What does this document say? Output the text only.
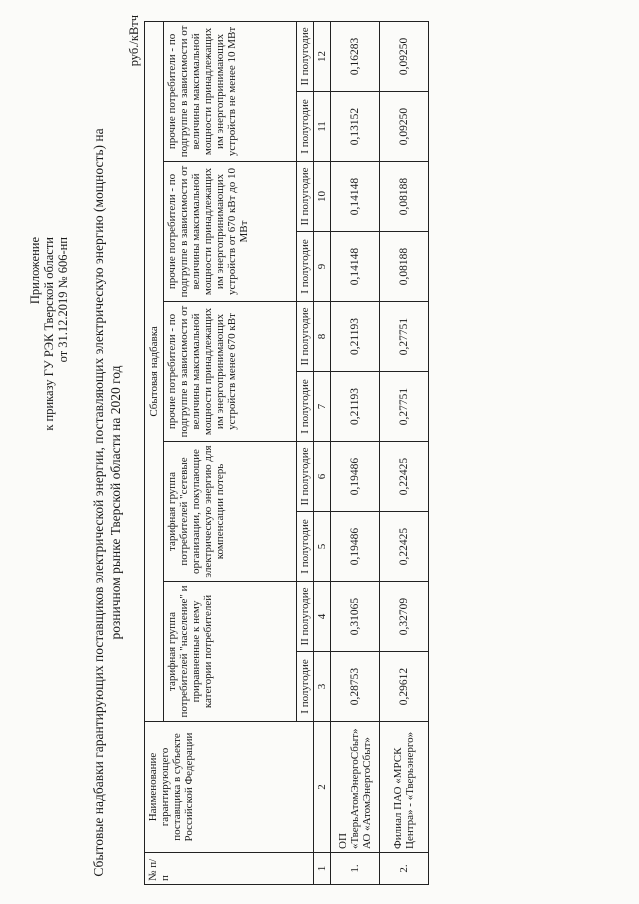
Приложение к приказу ГУ РЭК Тверской области от 31.12.2019 № 606-нп Сбытовые надбавки гарантирующих поставщиков электрической энергии, поставляющих электрическую энергию (мощность) на розничном рынке Тверской области на 2020 год
руб./кВтч
№ п/п	Наименование гарантирующего поставщика в субъекте Российской Федерации	Сбытовая надбавка									
		тарифная группа потребителей "население" и приравненные к нему категории потребителей		тарифная группа потребителей "сетевые организации, покупающие электрическую энергию для компенсации потерь		прочие потребители - по подгруппе в зависимости от величины максимальной мощности принадлежащих им энергопринимающих устройств менее 670 кВт		прочие потребители - по подгруппе в зависимости от величины максимальной мощности принадлежащих им энергопринимающих устройств от 670 кВт до 10 МВт		прочие потребители - по подгруппе в зависимости от величины максимальной мощности принадлежащих им энергопринимающих устройств не менее 10 МВт	
		I полугодие	II полугодие	I полугодие	II полугодие	I полугодие	II полугодие	I полугодие	II полугодие	I полугодие	II полугодие
1	2	3	4	5	6	7	8	9	10	11	12
1.	ОП «ТверьАтомЭнергоСбыт» АО «АтомЭнергоСбыт»	0,28753	0,31065	0,19486	0,19486	0,21193	0,21193	0,14148	0,14148	0,13152	0,16283
2.	Филиал ПАО «МРСК Центра» - «Тверьэнерго»	0,29612	0,32709	0,22425	0,22425	0,27751	0,27751	0,08188	0,08188	0,09250	0,09250
